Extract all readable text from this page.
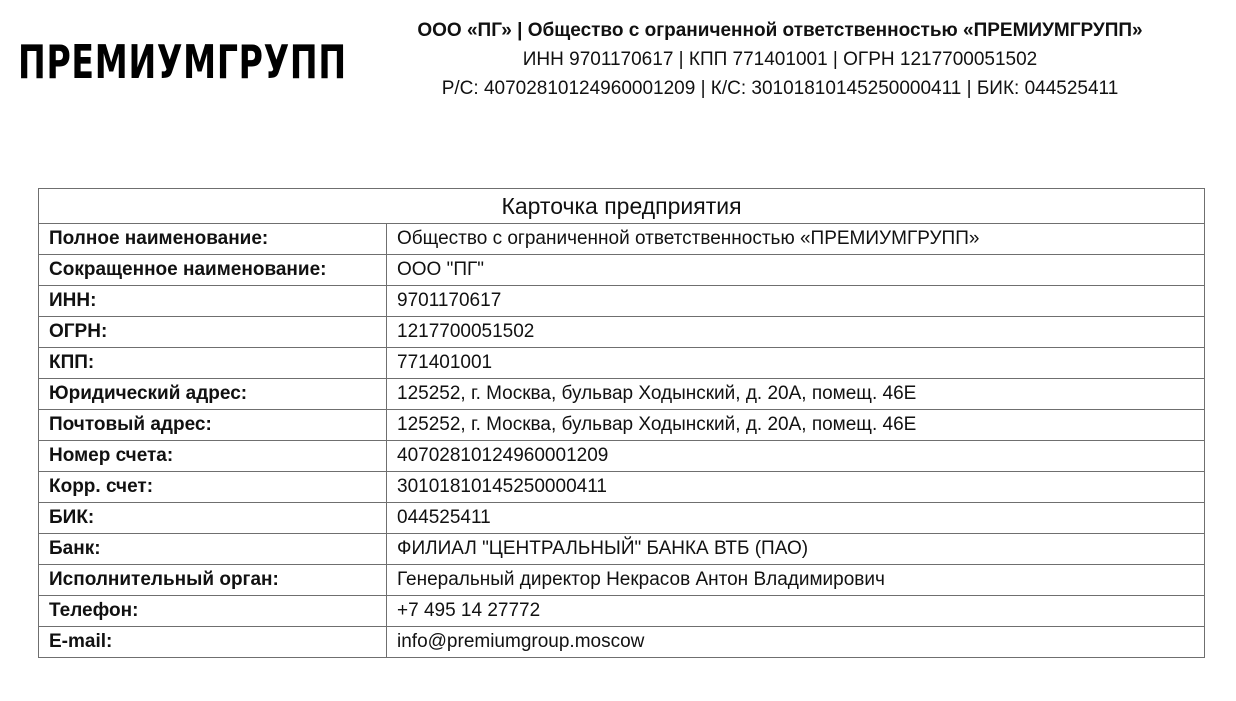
ПРЕМИУМГРУПП
ООО «ПГ» | Общество с ограниченной ответственностью «ПРЕМИУМГРУПП»
ИНН 9701170617 | КПП 771401001 | ОГРН 1217700051502
Р/С: 40702810124960001209 | К/С: 30101810145250000411 | БИК: 044525411
Карточка предприятия	
Полное наименование:	Общество с ограниченной ответственностью «ПРЕМИУМГРУПП»
Сокращенное наименование:	ООО "ПГ"
ИНН:	9701170617
ОГРН:	1217700051502
КПП:	771401001
Юридический адрес:	125252, г. Москва, бульвар Ходынский, д. 20А, помещ. 46Е
Почтовый адрес:	125252, г. Москва, бульвар Ходынский, д. 20А, помещ. 46Е
Номер счета:	40702810124960001209
Корр. счет:	30101810145250000411
БИК:	044525411
Банк:	ФИЛИАЛ "ЦЕНТРАЛЬНЫЙ" БАНКА ВТБ (ПАО)
Исполнительный орган:	Генеральный директор Некрасов Антон Владимирович
Телефон:	+7 495 14 27772
E-mail:	info@premiumgroup.moscow
